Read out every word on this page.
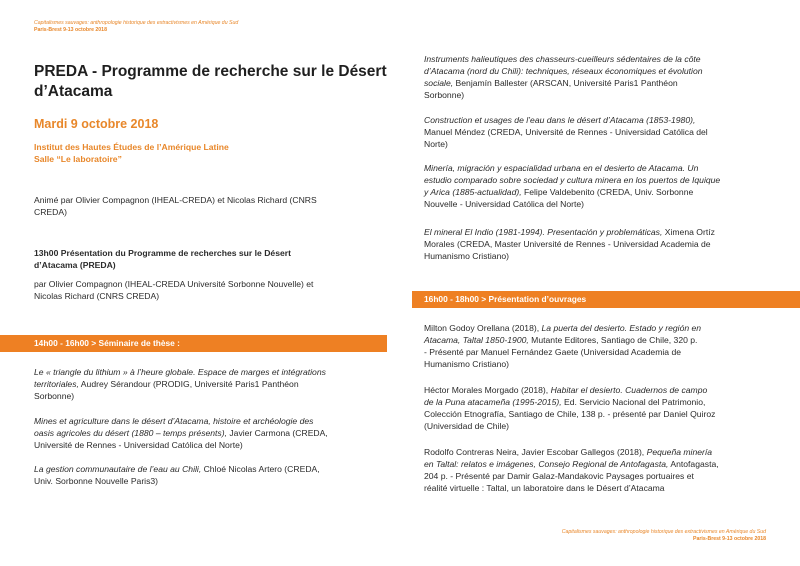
Capitalismes sauvages: anthropologie historique des extractivismes en Amérique du Sud
Paris-Brest 9-13 octobre 2018
PREDA - Programme de recherche sur le Désert
d’Atacama
Mardi 9 octobre 2018
Institut des Hautes Études de l’Amérique Latine
Salle “Le laboratoire”
Animé par Olivier Compagnon (IHEAL-CREDA) et Nicolas Richard (CNRS
CREDA)
13h00 Présentation du Programme de recherches sur le Désert
d’Atacama (PREDA)
par Olivier Compagnon (IHEAL-CREDA Université Sorbonne Nouvelle) et
Nicolas Richard (CNRS CREDA)
14h00 - 16h00 > Séminaire de thèse :
Le « triangle du lithium » à l’heure globale. Espace de marges et intégrations
territoriales, Audrey Sérandour (PRODIG, Université Paris1 Panthéon
Sorbonne)
Mines et agriculture dans le désert d’Atacama, histoire et archéologie des
oasis agricoles du désert (1880 – temps présents), Javier Carmona (CREDA,
Université de Rennes - Universidad Católica del Norte)
La gestion communautaire de l’eau au Chili, Chloé Nicolas Artero (CREDA,
Univ. Sorbonne Nouvelle Paris3)
Instruments halieutiques des chasseurs-cueilleurs sédentaires de la côte
d’Atacama (nord du Chili): techniques, réseaux économiques et évolution
sociale, Benjamín Ballester (ARSCAN, Université Paris1 Panthéon
Sorbonne)
Construction et usages de l’eau dans le désert d’Atacama (1853-1980),
Manuel Méndez (CREDA, Université de Rennes - Universidad Católica del
Norte)
Minería, migración y espacialidad urbana en el desierto de Atacama. Un
estudio comparado sobre sociedad y cultura minera en los puertos de Iquique
y Arica (1885-actualidad), Felipe Valdebenito (CREDA, Univ. Sorbonne
Nouvelle - Universidad Católica del Norte)
El mineral El Indio (1981-1994). Presentación y problemáticas, Ximena Ortíz
Morales (CREDA, Master Université de Rennes - Universidad Academia de
Humanismo Cristiano)
16h00 - 18h00 > Présentation d’ouvrages
Milton Godoy Orellana (2018), La puerta del desierto. Estado y región en
Atacama, Taltal 1850-1900, Mutante Editores, Santiago de Chile, 320 p.
- Présenté par Manuel Fernández Gaete (Universidad Academia de
Humanismo Cristiano)
Héctor Morales Morgado (2018), Habitar el desierto. Cuadernos de campo
de la Puna atacameña (1995-2015), Ed. Servicio Nacional del Patrimonio,
Colección Etnografía, Santiago de Chile, 138 p. - présenté par Daniel Quiroz
(Universidad de Chile)
Rodolfo Contreras Neira, Javier Escobar Gallegos (2018), Pequeña minería
en Taltal: relatos e imágenes, Consejo Regional de Antofagasta, Antofagasta,
204 p. - Présenté par Damir Galaz-Mandakovic Paysages portuaires et
réalité virtuelle : Taltal, un laboratoire dans le Désert d’Atacama
Capitalismes sauvages: anthropologie historique des extractivismes en Amérique du Sud
Paris-Brest 9-13 octobre 2018
